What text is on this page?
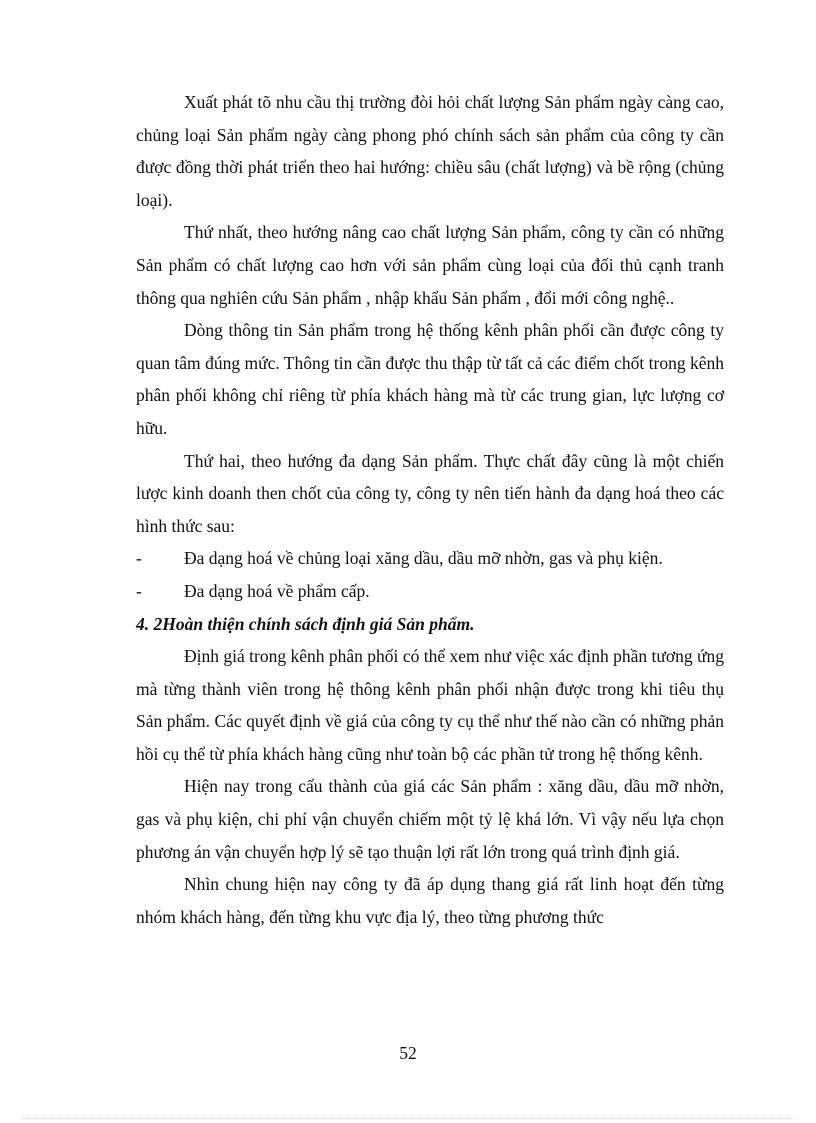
Xuất phát tõ nhu cầu thị trường đòi hỏi chất lượng Sản phẩm ngày càng cao, chủng loại Sản phẩm ngày càng phong phó chính sách sản phẩm của công ty cần được đồng thời phát triển theo hai hướng: chiều sâu (chất lượng) và bề rộng (chủng loại).

Thứ nhất, theo hướng nâng cao chất lượng Sản phẩm, công ty cần có những Sản phẩm có chất lượng cao hơn với sản phẩm cùng loại của đối thủ cạnh tranh thông qua nghiên cứu Sản phẩm , nhập khẩu Sản phẩm , đổi mới công nghệ..

Dòng thông tin Sản phẩm trong hệ thống kênh phân phối cần được công ty quan tâm đúng mức. Thông tin cần được thu thập từ tất cả các điểm chốt trong kênh phân phối không chỉ riêng từ phía khách hàng mà từ các trung gian, lực lượng cơ hữu.

Thứ hai, theo hướng đa dạng Sản phẩm. Thực chất đây cũng là một chiến lược kinh doanh then chốt của công ty, công ty nên tiến hành đa dạng hoá theo các hình thức sau:

- Đa dạng hoá về chủng loại xăng dầu, dầu mỡ nhờn, gas và phụ kiện.
- Đa dạng hoá về phẩm cấp.

4. 2Hoàn thiện chính sách định giá Sản phẩm.

Định giá trong kênh phân phối có thể xem như việc xác định phần tương ứng mà từng thành viên trong hệ thông kênh phân phối nhận được trong khi tiêu thụ Sản phẩm. Các quyết định về giá của công ty cụ thể như thế nào cần có những phản hồi cụ thể từ phía khách hàng cũng như toàn bộ các phần tử trong hệ thống kênh.

Hiện nay trong cấu thành của giá các Sản phẩm : xăng dầu, dầu mỡ nhờn, gas và phụ kiện, chi phí vận chuyển chiếm một tỷ lệ khá lớn. Vì vậy nếu lựa chọn phương án vận chuyển hợp lý sẽ tạo thuận lợi rất lớn trong quá trình định giá.

Nhìn chung hiện nay công ty đã áp dụng thang giá rất linh hoạt đến từng nhóm khách hàng, đến từng khu vực địa lý, theo từng phương thức

52
